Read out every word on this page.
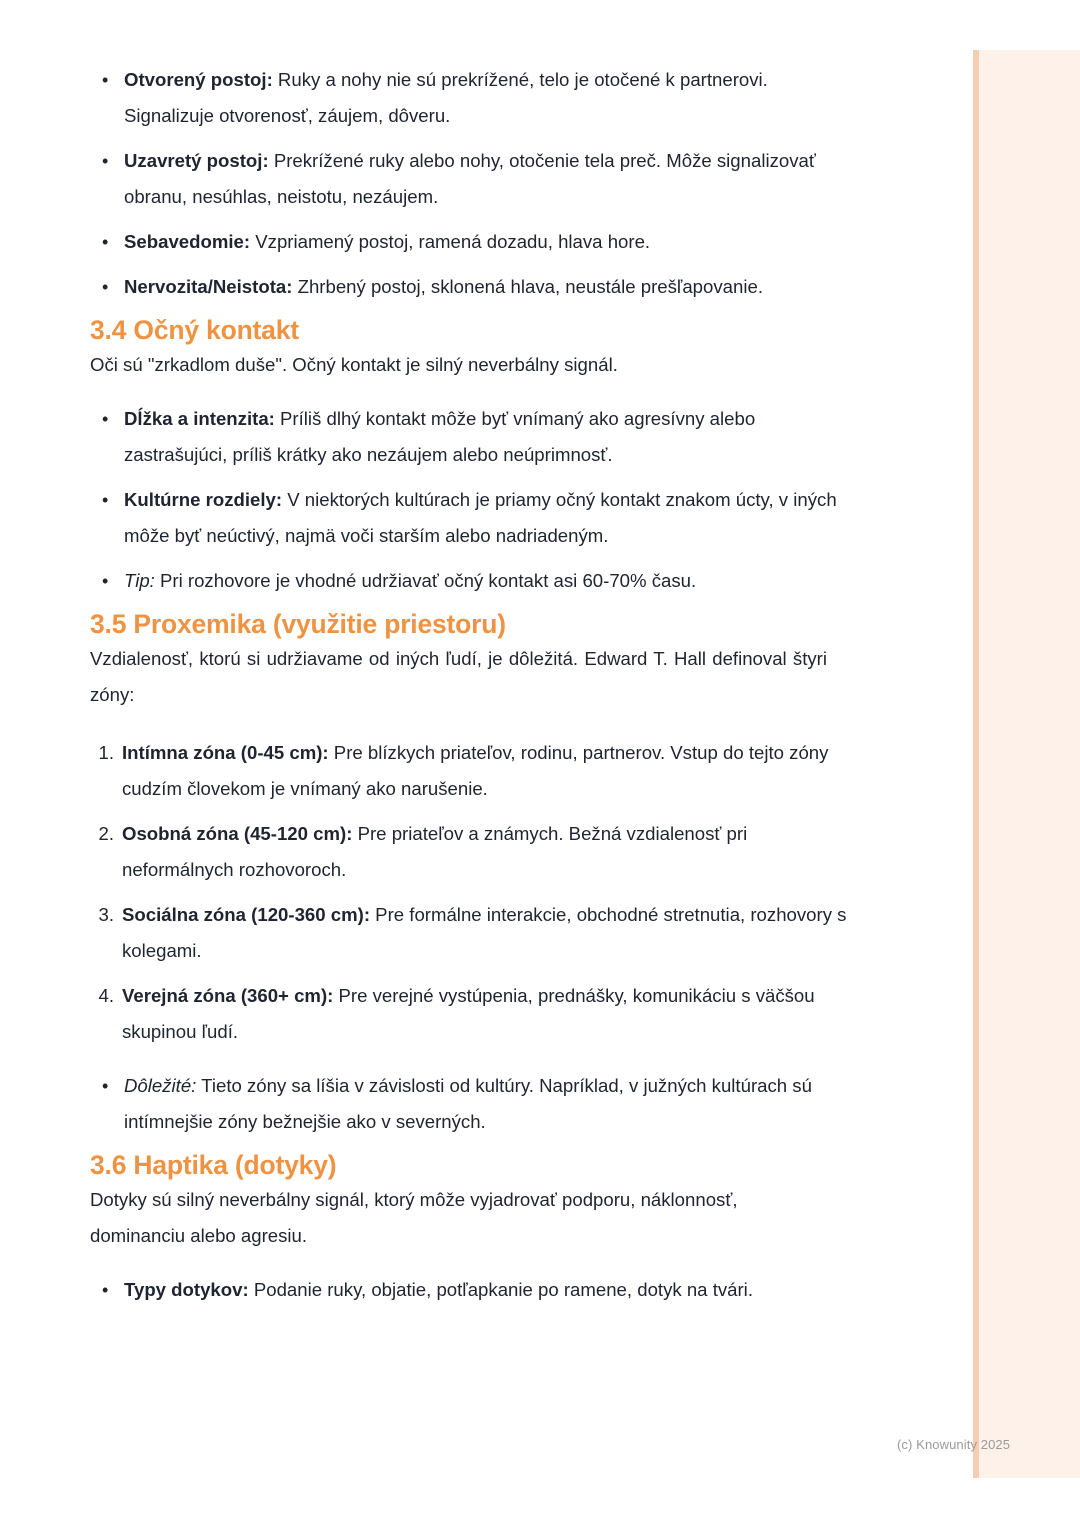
• Otvorený postoj: Ruky a nohy nie sú prekrížené, telo je otočené k partnerovi. Signalizuje otvorenosť, záujem, dôveru.
• Uzavretý postoj: Prekrížené ruky alebo nohy, otočenie tela preč. Môže signalizovať obranu, nesúhlas, neistotu, nezáujem.
• Sebavedomie: Vzpriamený postoj, ramená dozadu, hlava hore.
• Nervozita/Neistota: Zhrbený postoj, sklonená hlava, neustále prešľapovanie.
3.4 Očný kontakt

Oči sú "zrkadlom duše". Očný kontakt je silný neverbálny signál.

• Dĺžka a intenzita: Príliš dlhý kontakt môže byť vnímaný ako agresívny alebo zastrašujúci, príliš krátky ako nezáujem alebo neúprimnosť.
• Kultúrne rozdiely: V niektorých kultúrach je priamy očný kontakt znakom úcty, v iných môže byť neúctivý, najmä voči starším alebo nadriadeným.
• Tip: Pri rozhovore je vhodné udržiavať očný kontakt asi 60-70% času.
3.5 Proxemika (využitie priestoru)

Vzdialenosť, ktorú si udržiavame od iných ľudí, je dôležitá. Edward T. Hall definoval štyri zóny:

Intímna zóna (0-45 cm): Pre blízkych priateľov, rodinu, partnerov. Vstup do tejto zóny cudzím človekom je vnímaný ako narušenie.
Osobná zóna (45-120 cm): Pre priateľov a známych. Bežná vzdialenosť pri neformálnych rozhovoroch.
Sociálna zóna (120-360 cm): Pre formálne interakcie, obchodné stretnutia, rozhovory s kolegami.
Verejná zóna (360+ cm): Pre verejné vystúpenia, prednášky, komunikáciu s väčšou skupinou ľudí.
• Dôležité: Tieto zóny sa líšia v závislosti od kultúry. Napríklad, v južných kultúrach sú intímnejšie zóny bežnejšie ako v severných.
3.6 Haptika (dotyky)

Dotyky sú silný neverbálny signál, ktorý môže vyjadrovať podporu, náklonnosť, dominanciu alebo agresiu.

• Typy dotykov: Podanie ruky, objatie, potľapkanie po ramene, dotyk na tvári.
(c) Knowunity 2025
